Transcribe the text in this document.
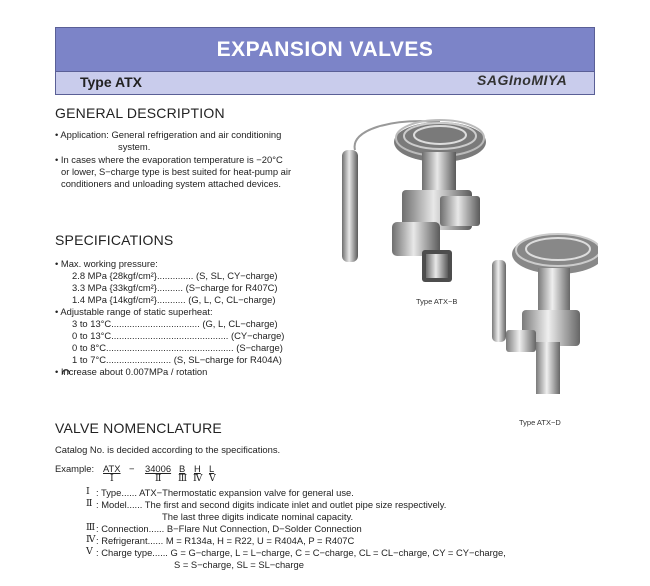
EXPANSION VALVES
Type ATX	SAGInoMIYA
GENERAL DESCRIPTION
• Application: General refrigeration and air conditioning
system.
• In cases where the evaporation temperature is −20°C
or lower, S−charge type is best suited for heat-pump air
conditioners and unloading system attached devices.
SPECIFICATIONS
• Max. working pressure:
2.8 MPa {28kgf/cm²}.............. (S, SL, CY−charge)
3.3 MPa {33kgf/cm²}.......... (S−charge for R407C)
1.4 MPa {14kgf/cm²}........... (G, L, C, CL−charge)
• Adjustable range of static superheat:
3 to 13°C.................................. (G, L, CL−charge)
0 to 13°C............................................. (CY−charge)
0 to 8°C................................................. (S−charge)
1 to 7°C......................... (S, SL−charge for R404A)
• Increase about 0.007MPa / rotation
Type ATX−B
Type ATX−D
VALVE NOMENCLATURE
Catalog No. is decided according to the specifications.
Example: ATX − 34006 B H L
Ⅰ	Ⅱ Ⅲ Ⅳ Ⅴ
Ⅰ : Type...... ATX−Thermostatic expansion valve for general use.
Ⅱ : Model...... The first and second digits indicate inlet and outlet pipe size respectively.
The last three digits indicate nominal capacity.
Ⅲ : Connection...... B−Flare Nut Connection, D−Solder Connection
Ⅳ : Refrigerant...... M = R134a, H = R22, U = R404A, P = R407C
Ⅴ : Charge type...... G = G−charge, L = L−charge, C = C−charge, CL = CL−charge, CY = CY−charge,
S = S−charge, SL = SL−charge
